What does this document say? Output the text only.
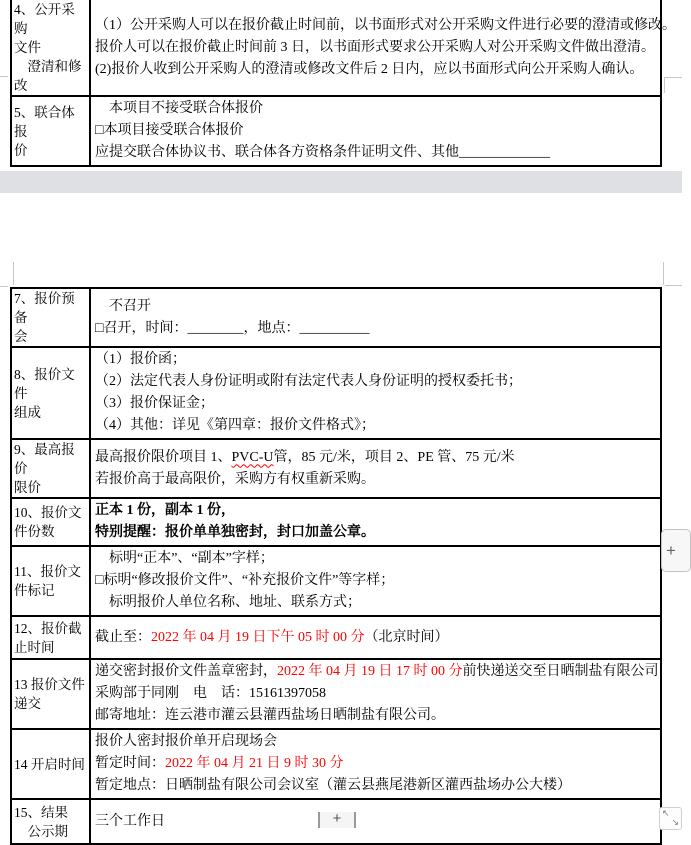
4、公开采购
文件
　澄清和修
改

（1）公开采购人可以在报价截止时间前，以书面形式对公开采购文件进行必要的澄清或修改。
报价人可以在报价截止时间前 3 日，以书面形式要求公开采购人对公开采购文件做出澄清。
(2)报价人收到公开采购人的澄清或修改文件后 2 日内，应以书面形式向公开采购人确认。

5、联合体报
价

　本项目不接受联合体报价
□本项目接受联合体报价
应提交联合体协议书、联合体各方资格条件证明文件、其他_____________
7、报价预备
会

　不召开
□召开，时间：________，地点：__________

8、报价文件
组成

（1）报价函；
（2）法定代表人身份证明或附有法定代表人身份证明的授权委托书；
（3）报价保证金；
（4）其他：详见《第四章：报价文件格式》；

9、最高报价
限价

最高报价限价项目 1、PVC-U管，85 元/米，项目 2、PE 管、75 元/米
若报价高于最高限价，采购方有权重新采购。

10、报价文
件份数

正本 1 份，副本 1 份，
特别提醒：报价单单独密封，封口加盖公章。

11、报价文
件标记

　标明“正本”、“副本”字样；
□标明“修改报价文件”、“补充报价文件”等字样；
　标明报价人单位名称、地址、联系方式；

12、报价截
止时间	截止至：2022 年 04 月 19 日下午 05 时 00 分（北京时间）

13 报价文件
递交

递交密封报价文件盖章密封，2022 年 04 月 19 日 17 时 00 分前快递送交至日晒制盐有限公司
采购部于同刚　电　话：15161397058
邮寄地址：连云港市灌云县灌西盐场日晒制盐有限公司。

14 开启时间	报价人密封报价单开启现场会
暂定时间：2022 年 04 月 21 日 9 时 30 分
暂定地点：日晒制盐有限公司会议室（灌云县燕尾港新区灌西盐场办公大楼）

15、结果
　公示期	三个工作日
+
+	↖
↘
